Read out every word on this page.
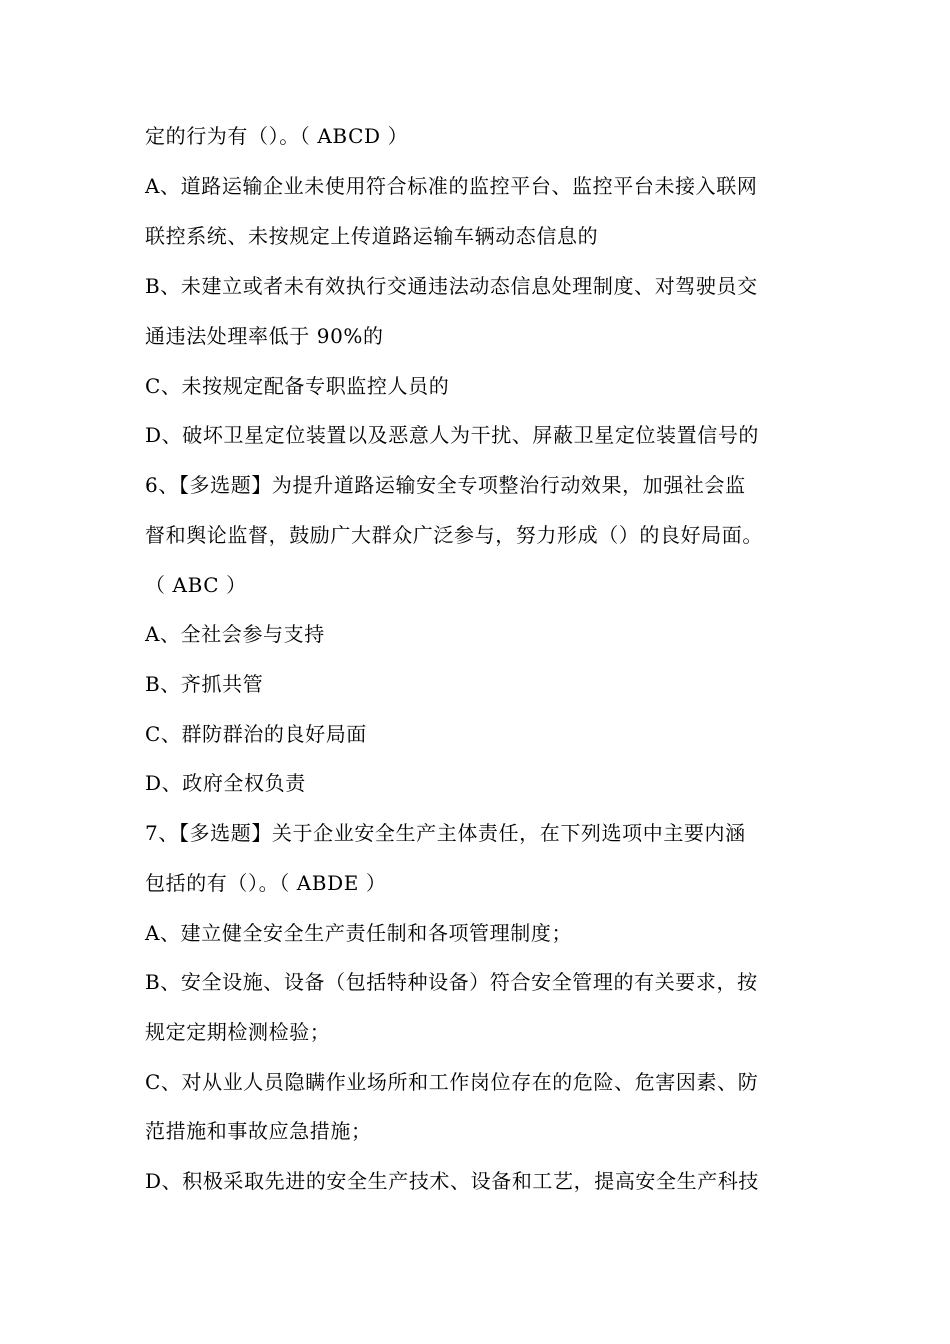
定的行为有（）。（ ABCD ）
A、道路运输企业未使用符合标准的监控平台、监控平台未接入联网
联控系统、未按规定上传道路运输车辆动态信息的
B、未建立或者未有效执行交通违法动态信息处理制度、对驾驶员交
通违法处理率低于 90%的
C、未按规定配备专职监控人员的
D、破坏卫星定位装置以及恶意人为干扰、屏蔽卫星定位装置信号的
6、【多选题】为提升道路运输安全专项整治行动效果，加强社会监
督和舆论监督，鼓励广大群众广泛参与，努力形成（）的良好局面。
（ ABC ）
A、全社会参与支持
B、齐抓共管
C、群防群治的良好局面
D、政府全权负责
7、【多选题】关于企业安全生产主体责任，在下列选项中主要内涵
包括的有（）。（ ABDE ）
A、建立健全安全生产责任制和各项管理制度；
B、安全设施、设备（包括特种设备）符合安全管理的有关要求，按
规定定期检测检验；
C、对从业人员隐瞒作业场所和工作岗位存在的危险、危害因素、防
范措施和事故应急措施；
D、积极采取先进的安全生产技术、设备和工艺，提高安全生产科技
